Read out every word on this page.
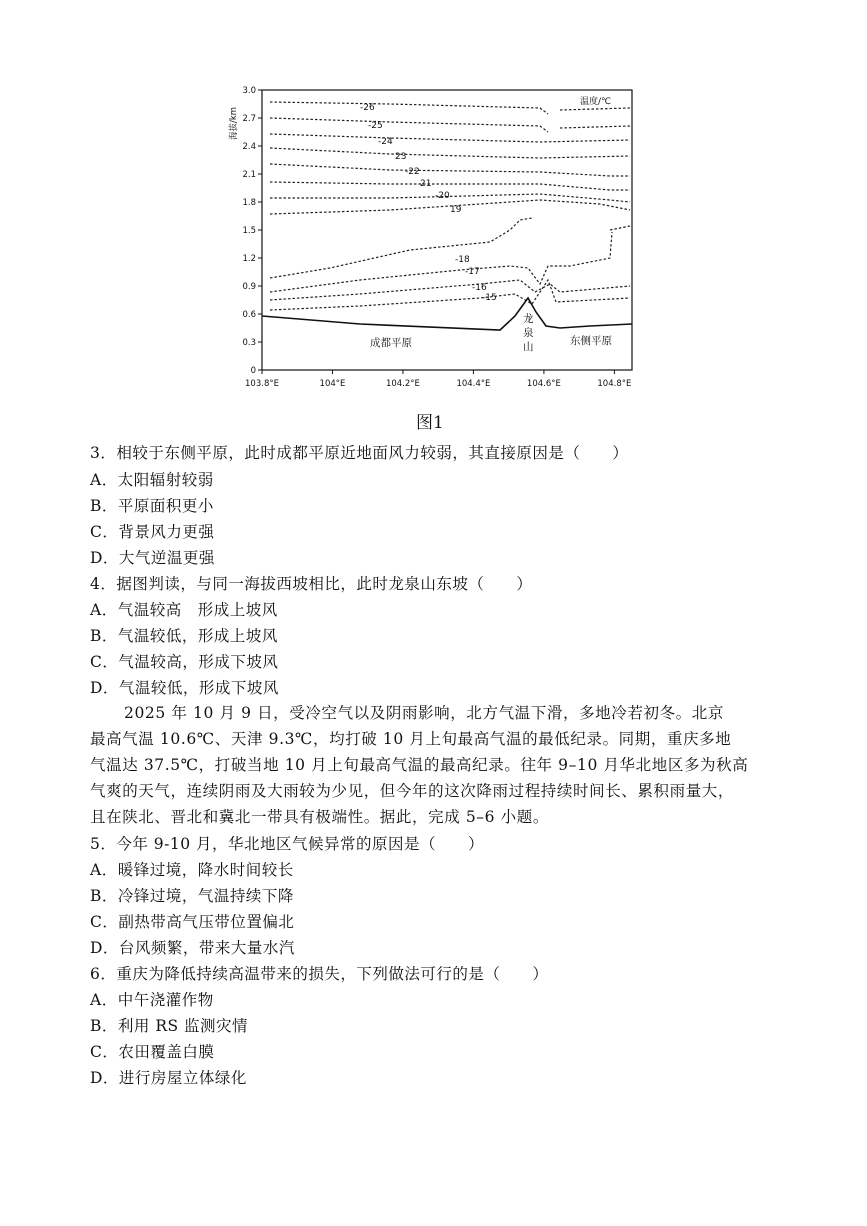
0
0.3
0.6
0.9
1.2
1.5
1.8
2.1
2.4
2.7
3.0
103.8°E	104°E	104.2°E	104.4°E	104.6°E	104.8°E
海拔/km
温度/℃
-26
-25
-24
23
-22
21
-20
19
-18
-17
-16
-15
成都平原
龙
泉
山	东侧平原
图1
3．相较于东侧平原，此时成都平原近地面风力较弱，其直接原因是（　　）
A．太阳辐射较弱
B．平原面积更小
C．背景风力更强
D．大气逆温更强
4．据图判读，与同一海拔西坡相比，此时龙泉山东坡（　　）
A．气温较高　形成上坡风
B．气温较低，形成上坡风
C．气温较高，形成下坡风
D．气温较低，形成下坡风
2025 年 10 月 9 日，受冷空气以及阴雨影响，北方气温下滑，多地冷若初冬。北京
最高气温 10.6℃、天津 9.3℃，均打破 10 月上旬最高气温的最低纪录。同期，重庆多地
气温达 37.5℃，打破当地 10 月上旬最高气温的最高纪录。往年 9–10 月华北地区多为秋高
气爽的天气，连续阴雨及大雨较为少见，但今年的这次降雨过程持续时间长、累积雨量大，
且在陕北、晋北和冀北一带具有极端性。据此，完成 5–6 小题。
5．今年 9-10 月，华北地区气候异常的原因是（　　）
A．暖锋过境，降水时间较长
B．冷锋过境，气温持续下降
C．副热带高气压带位置偏北
D．台风频繁，带来大量水汽
6．重庆为降低持续高温带来的损失，下列做法可行的是（　　）
A．中午浇灌作物
B．利用 RS 监测灾情
C．农田覆盖白膜
D．进行房屋立体绿化
